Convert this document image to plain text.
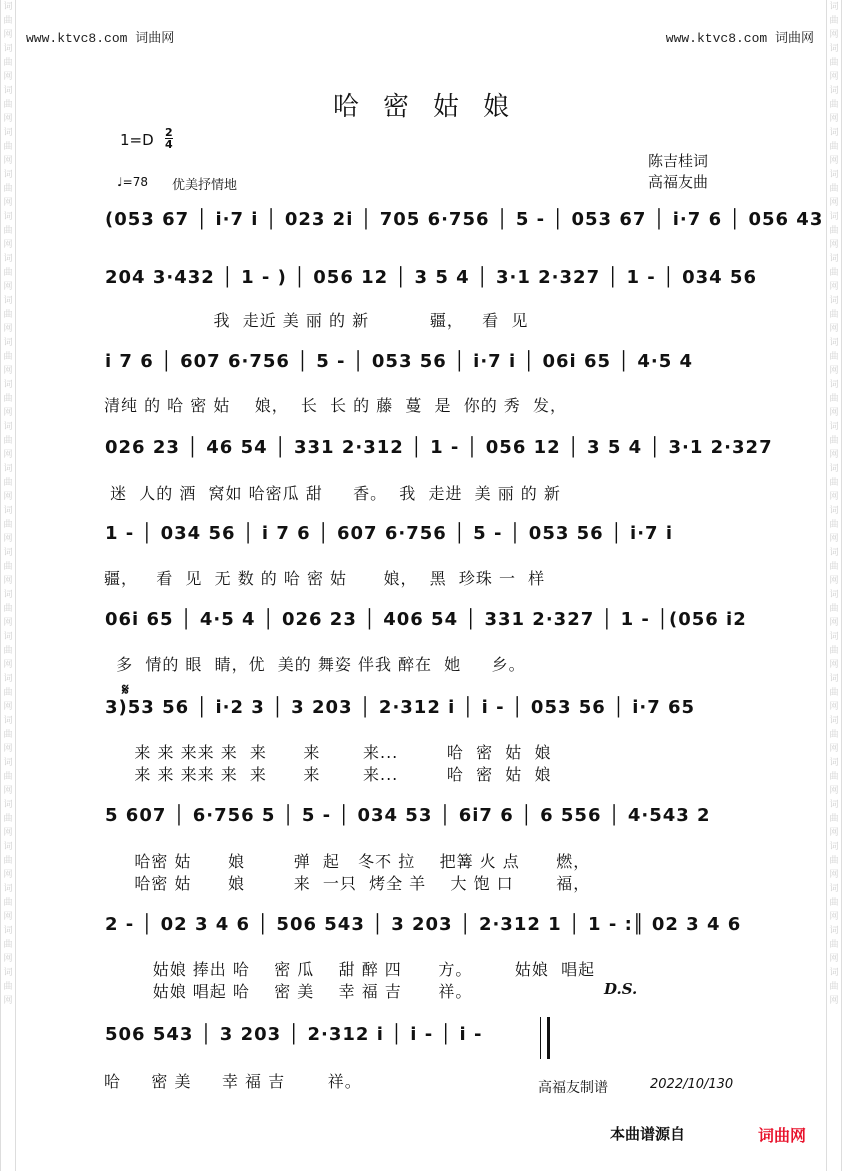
词
曲
网
词
曲
网
词
曲
网
词
曲
网
词
曲
网
词
曲
网
词
曲
网
词
曲
网
词
曲
网
词
曲
网
词
曲
网
词
曲
网
词
曲
网
词
曲
网
词
曲
网
词
曲
网
词
曲
网
词
曲
网
词
曲
网
词
曲
网
词
曲
网
词
曲
网
词
曲
网
词
曲
网
词
曲
网
词
曲
网
词
曲
网
词
曲
网
词
曲
网
词
曲
网
词
曲
网
词
曲
网
词
曲
网
词
曲
网
词
曲
网
词
曲
网
词
曲
网
词
曲
网
词
曲
网
词
曲
网
词
曲
网
词
曲
网
词
曲
网
词
曲
网
词
曲
网
词
曲
网
词
曲
网
词
曲
网
www.ktvc8.com 词曲网	www.ktvc8.com 词曲网
哈密姑娘
$1=D \frac{2}{4}$
♩=78 优美抒情地
陈吉桂词
高福友曲
(053 67 │ i·7 i │ 023 2i │ 705 6·756 │ 5 - │ 053 67 │ i·7 6 │ 056 43
204 3·432 │ 1 - ) │ 056 12 │ 3 5 4 │ 3·1 2·327 │ 1 - │ 034 56
我  走近 美 丽 的 新          疆，   看  见
i 7 6 │ 607 6·756 │ 5 - │ 053 56 │ i·7 i │ 06i 65 │ 4·5 4
清纯 的 哈 密 姑    娘，  长  长 的 藤  蔓  是  你的 秀  发，
026 23 │ 46 54 │ 331 2·312 │ 1 - │ 056 12 │ 3 5 4 │ 3·1 2·327
迷  人的 酒  窝如 哈密瓜 甜     香。  我  走进  美 丽 的 新
1 - │ 034 56 │ i 7 6 │ 607 6·756 │ 5 - │ 053 56 │ i·7 i
疆，   看  见  无 数 的 哈 密 姑      娘，  黑  珍珠 一  样
06i 65 │ 4·5 4 │ 026 23 │ 406 54 │ 331 2·327 │ 1 - │(056 i2
多  情的 眼  睛，优  美的 舞姿 伴我 醉在  她     乡。
𝄋
3)53 56 │ i·2 3 │ 3 203 │ 2·312 i │ i - │ 053 56 │ i·7 65
来 来 来来 来  来      来       来...        哈  密  姑  娘
来 来 来来 来  来      来       来...        哈  密  姑  娘
5 607 │ 6·756 5 │ 5 - │ 034 53 │ 6i7 6 │ 6 556 │ 4·543 2
哈密 姑      娘        弹  起   冬不 拉    把篝 火 点      燃，
哈密 姑      娘        来  一只  烤全 羊    大 饱 口       福，
2 - │ 02 3 4 6 │ 506 543 │ 3 203 │ 2·312 1 │ 1 - :║ 02 3 4 6
姑娘 捧出 哈    密 瓜    甜 醉 四      方。       姑娘  唱起
姑娘 唱起 哈    密 美    幸 福 吉      祥。	D.S.
506 543 │ 3 203 │ 2·312 i │ i - │ i -
哈     密 美     幸 福 吉       祥。	高福友制谱	2022/10/130
本曲谱源自	词曲网
